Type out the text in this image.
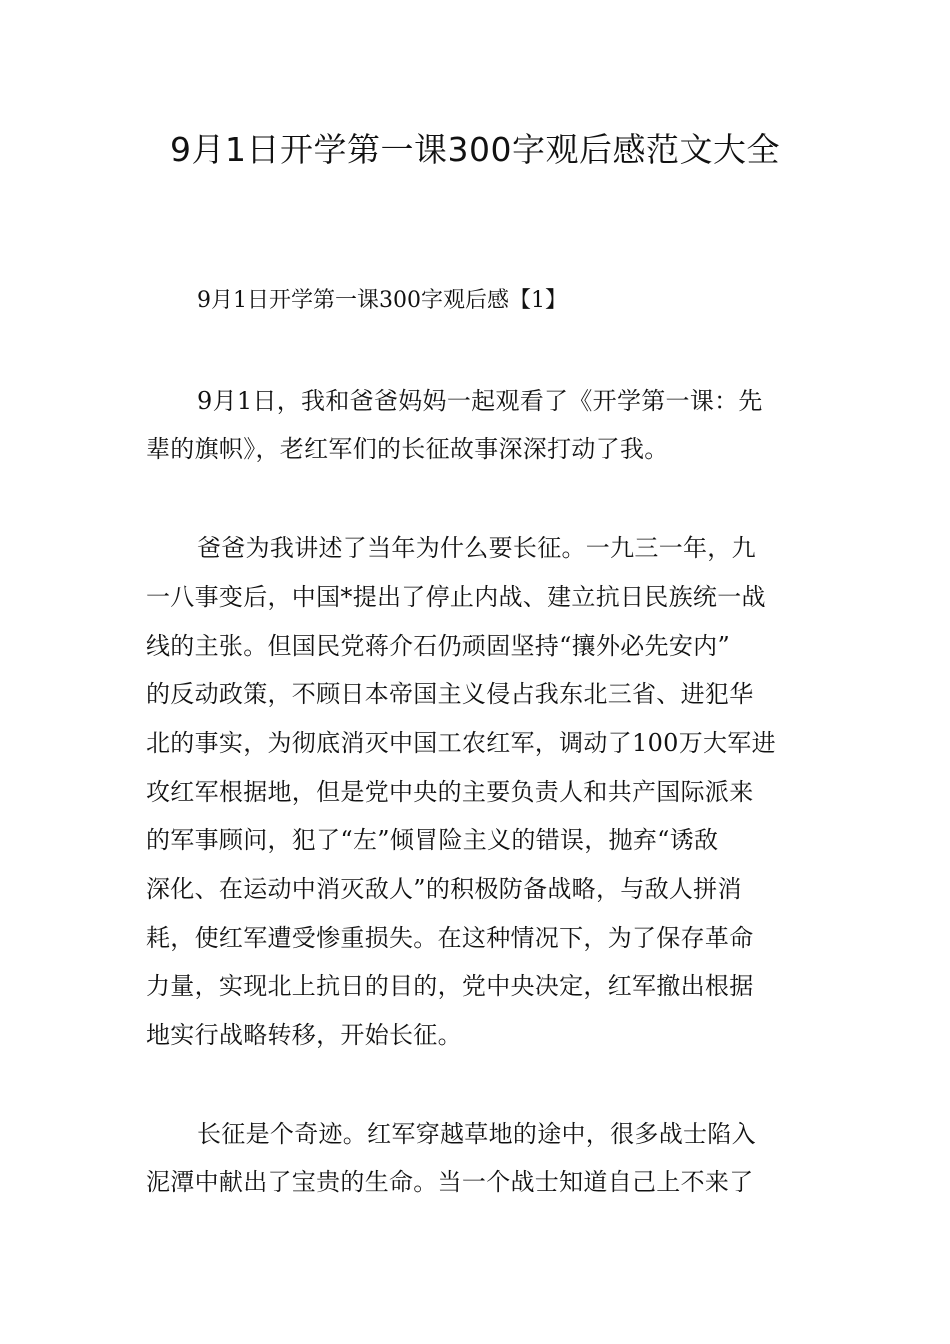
9月1日开学第一课300字观后感范文大全
9月1日开学第一课300字观后感【1】
9月1日，我和爸爸妈妈一起观看了《开学第一课：先
辈的旗帜》，老红军们的长征故事深深打动了我。
爸爸为我讲述了当年为什么要长征。一九三一年，九
一八事变后，中国*提出了停止内战、建立抗日民族统一战
线的主张。但国民党蒋介石仍顽固坚持“攘外必先安内”
的反动政策，不顾日本帝国主义侵占我东北三省、进犯华
北的事实，为彻底消灭中国工农红军，调动了100万大军进
攻红军根据地，但是党中央的主要负责人和共产国际派来
的军事顾问，犯了“左”倾冒险主义的错误，抛弃“诱敌
深化、在运动中消灭敌人”的积极防备战略，与敌人拼消
耗，使红军遭受惨重损失。在这种情况下，为了保存革命
力量，实现北上抗日的目的，党中央决定，红军撤出根据
地实行战略转移，开始长征。
长征是个奇迹。红军穿越草地的途中，很多战士陷入
泥潭中献出了宝贵的生命。当一个战士知道自己上不来了
